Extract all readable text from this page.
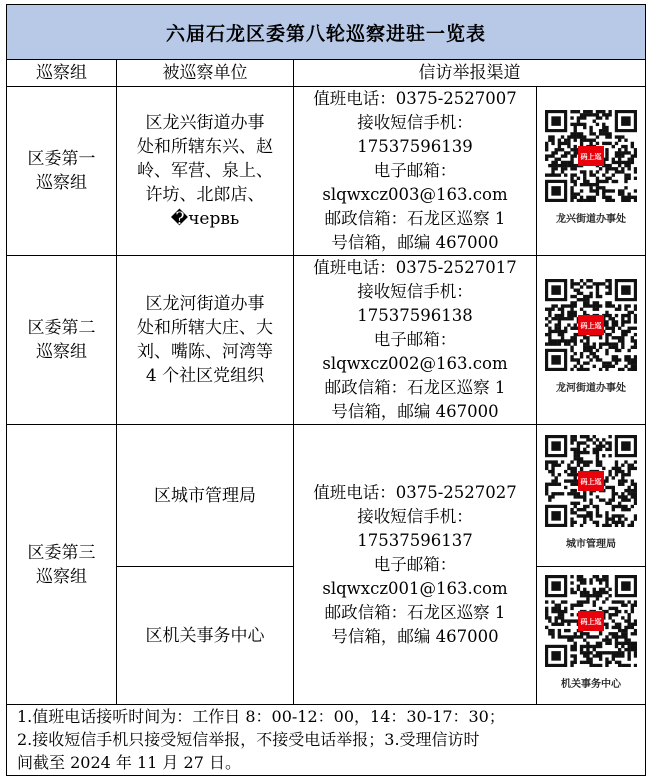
六届石龙区委第八轮巡察进驻一览表
巡察组	被巡察单位	信访举报渠道
区委第一
巡察组
区龙兴街道办事
处和所辖东兴、赵
岭、军营、泉上、
许坊、北郎店、�червь
值班电话：0375-2527007
接收短信手机：
17537596139
电子邮箱：
slqwxcz003@163.com
邮政信箱：石龙区巡察 1
号信箱，邮编 467000
码上巡
龙兴街道办事处
区委第二
巡察组
区龙河街道办事
处和所辖大庄、大
刘、嘴陈、河湾等
4 个社区党组织
值班电话：0375-2527017
接收短信手机：
17537596138
电子邮箱：
slqwxcz002@163.com
邮政信箱：石龙区巡察 1
号信箱，邮编 467000
码上巡
龙河街道办事处
区委第三
巡察组
区城市管理局
区机关事务中心
值班电话：0375-2527027
接收短信手机：
17537596137
电子邮箱：
slqwxcz001@163.com
邮政信箱：石龙区巡察 1
号信箱，邮编 467000
码上巡
城市管理局
码上巡
机关事务中心
1.值班电话接听时间为：工作日 8：00-12：00，14：30-17：30；
2.接收短信手机只接受短信举报，不接受电话举报；3.受理信访时
间截至 2024 年 11 月 27 日。
